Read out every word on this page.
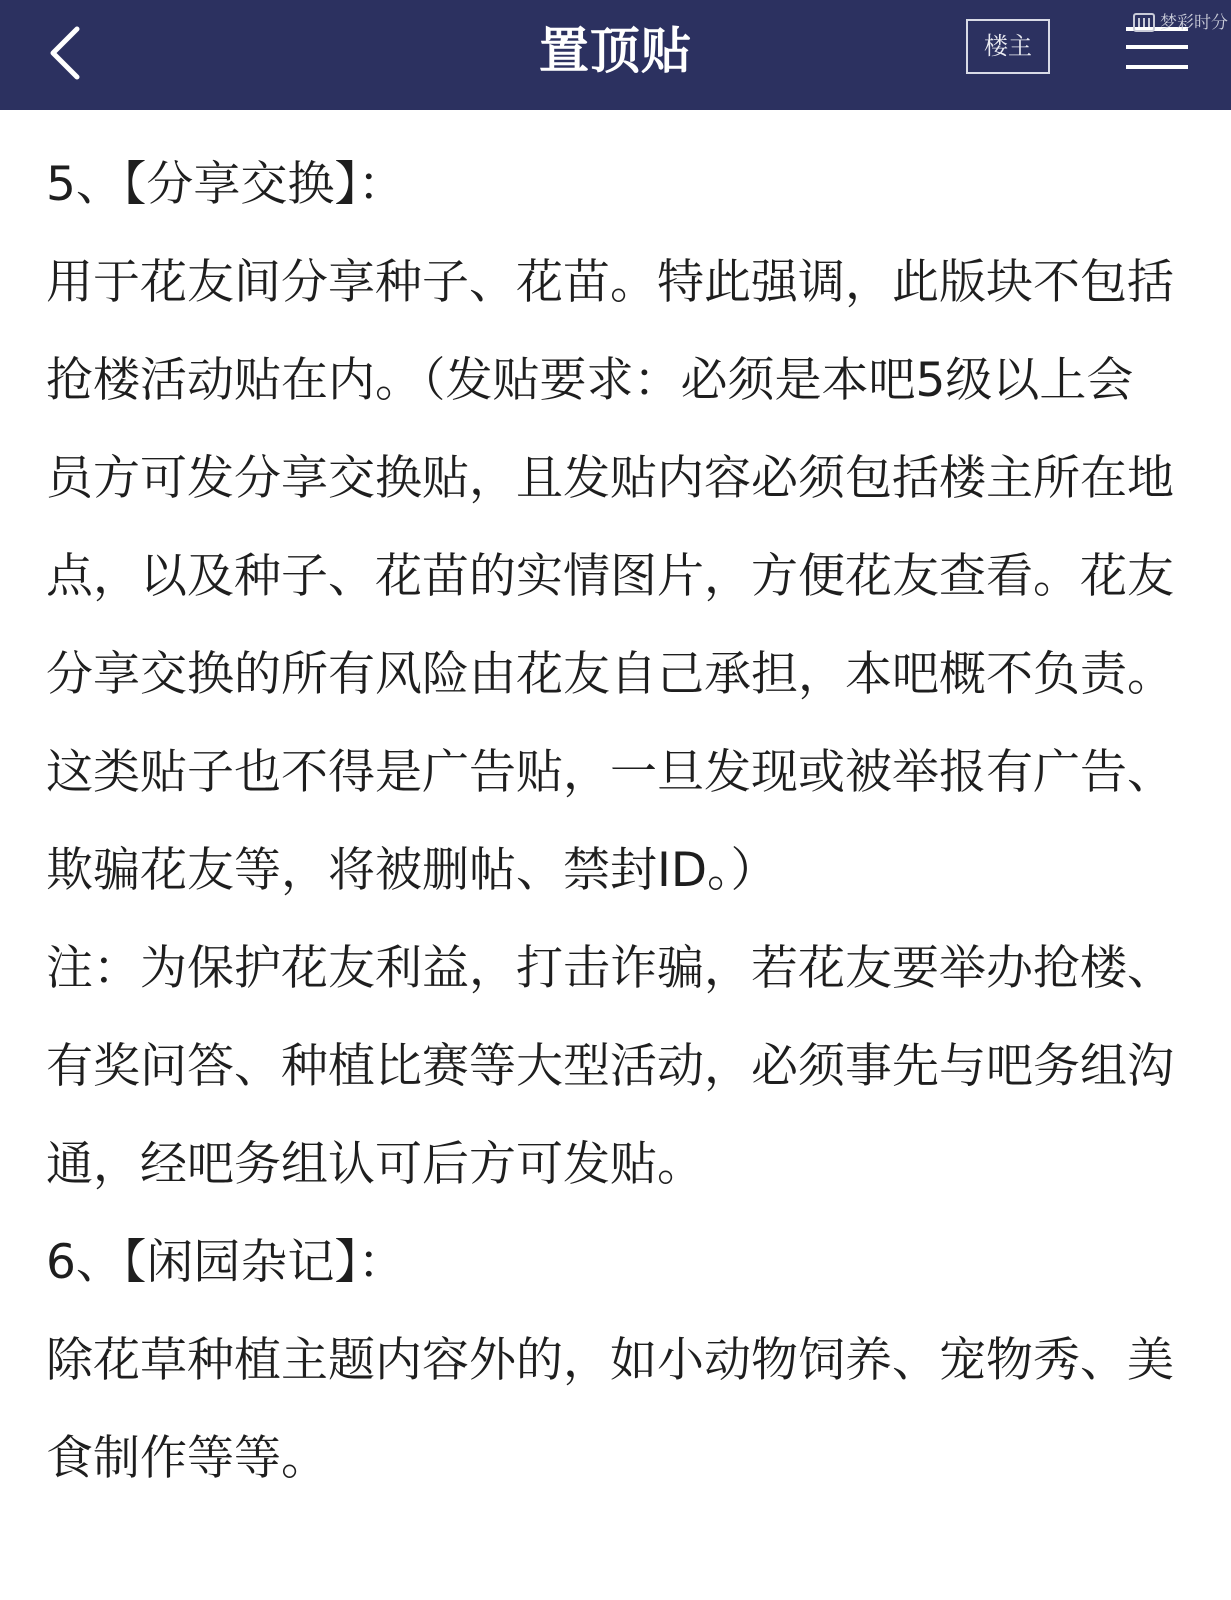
置顶贴	楼主
梦彩时分

5、【分享交换】：

用于花友间分享种子、花苗。特此强调，此版块不包括抢楼活动贴在内。（发贴要求：必须是本吧5级以上会员方可发分享交换贴，且发贴内容必须包括楼主所在地点，以及种子、花苗的实情图片，方便花友查看。花友分享交换的所有风险由花友自己承担，本吧概不负责。这类贴子也不得是广告贴，一旦发现或被举报有广告、欺骗花友等，将被删帖、禁封ID。）

注：为保护花友利益，打击诈骗，若花友要举办抢楼、有奖问答、种植比赛等大型活动，必须事先与吧务组沟通，经吧务组认可后方可发贴。

6、【闲园杂记】：

除花草种植主题内容外的，如小动物饲养、宠物秀、美食制作等等。
